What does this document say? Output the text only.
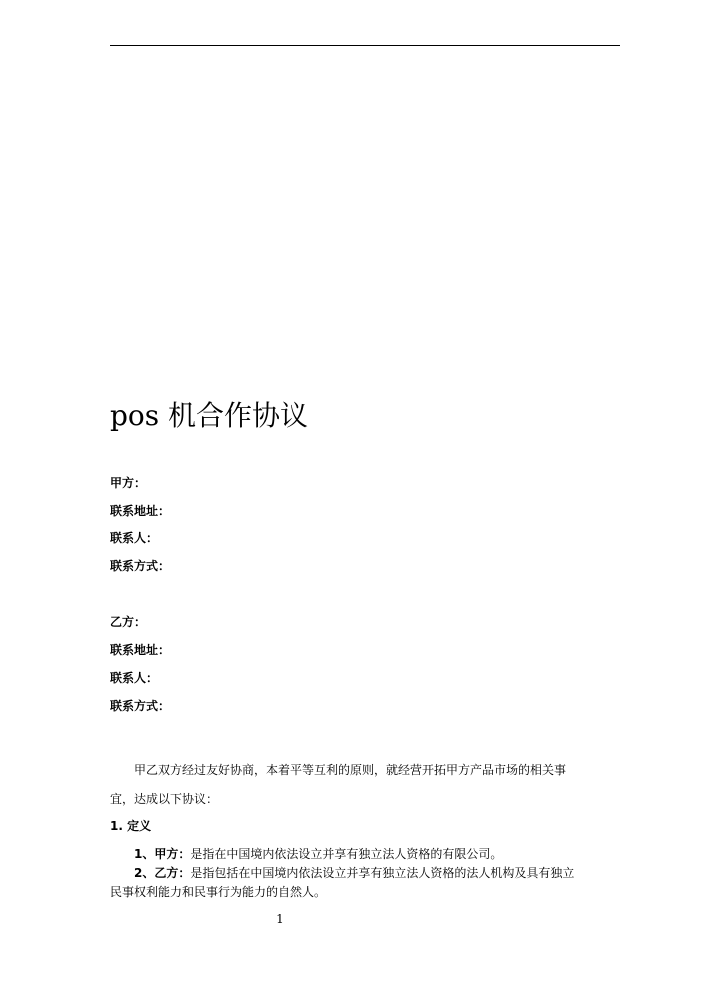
pos 机合作协议
甲方：
联系地址：
联系人：
联系方式：
乙方：
联系地址：
联系人：
联系方式：
甲乙双方经过友好协商，本着平等互利的原则，就经营开拓甲方产品市场的相关事
宜，达成以下协议：
1. 定义
1、甲方：是指在中国境内依法设立并享有独立法人资格的有限公司。
2、乙方：是指包括在中国境内依法设立并享有独立法人资格的法人机构及具有独立
民事权利能力和民事行为能力的自然人。
1
